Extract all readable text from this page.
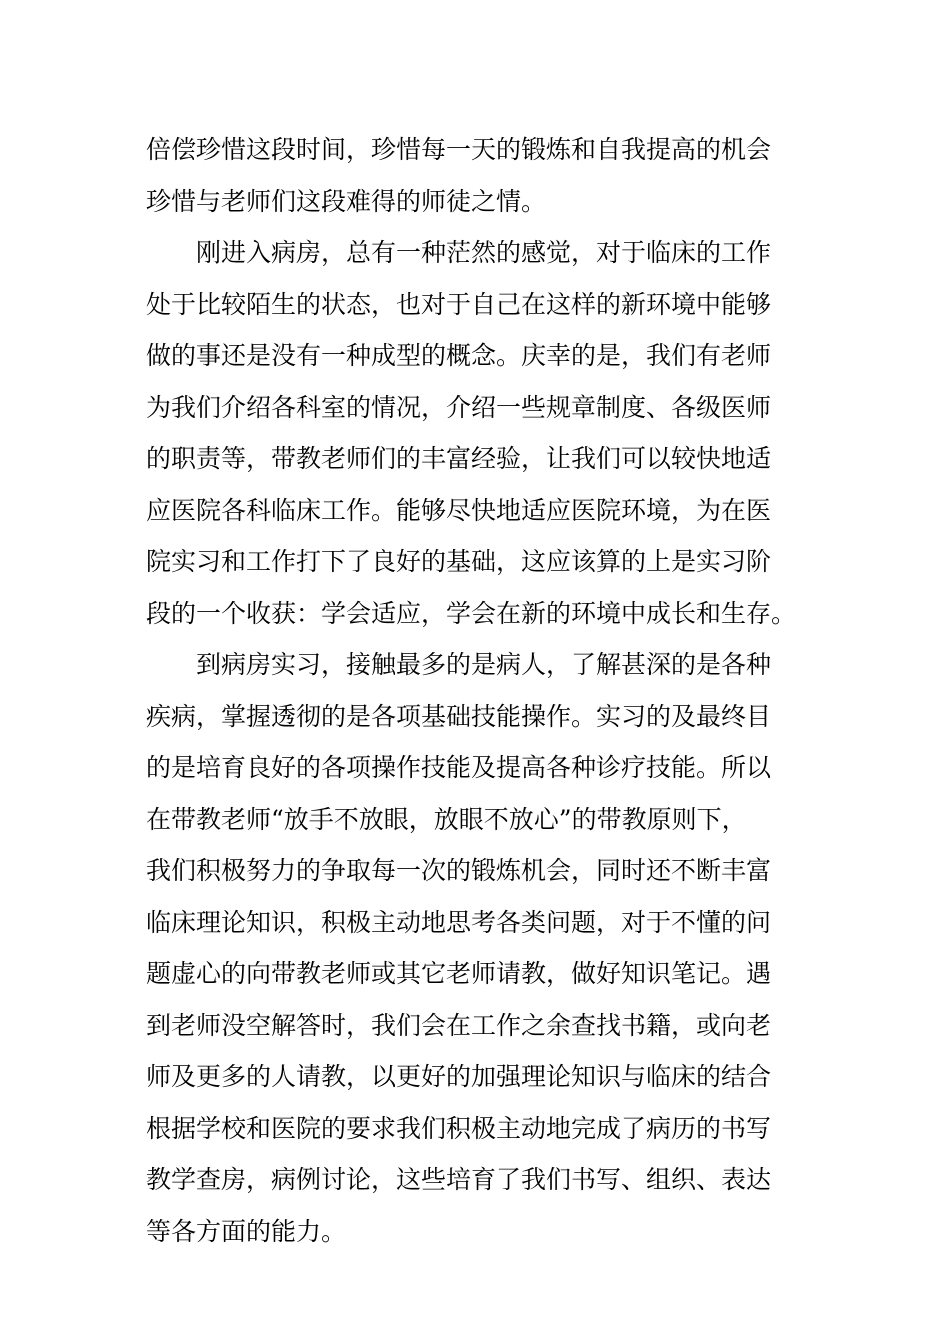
倍偿珍惜这段时间，珍惜每一天的锻炼和自我提高的机会
珍惜与老师们这段难得的师徒之情。
刚进入病房，总有一种茫然的感觉，对于临床的工作
处于比较陌生的状态，也对于自己在这样的新环境中能够
做的事还是没有一种成型的概念。庆幸的是，我们有老师
为我们介绍各科室的情况，介绍一些规章制度、各级医师
的职责等，带教老师们的丰富经验，让我们可以较快地适
应医院各科临床工作。能够尽快地适应医院环境，为在医
院实习和工作打下了良好的基础，这应该算的上是实习阶
段的一个收获：学会适应，学会在新的环境中成长和生存。
到病房实习，接触最多的是病人，了解甚深的是各种
疾病，掌握透彻的是各项基础技能操作。实习的及最终目
的是培育良好的各项操作技能及提高各种诊疗技能。所以
在带教老师“放手不放眼，放眼不放心”的带教原则下，
我们积极努力的争取每一次的锻炼机会，同时还不断丰富
临床理论知识，积极主动地思考各类问题，对于不懂的问
题虚心的向带教老师或其它老师请教，做好知识笔记。遇
到老师没空解答时，我们会在工作之余查找书籍，或向老
师及更多的人请教，以更好的加强理论知识与临床的结合
根据学校和医院的要求我们积极主动地完成了病历的书写
教学查房，病例讨论，这些培育了我们书写、组织、表达
等各方面的能力。
